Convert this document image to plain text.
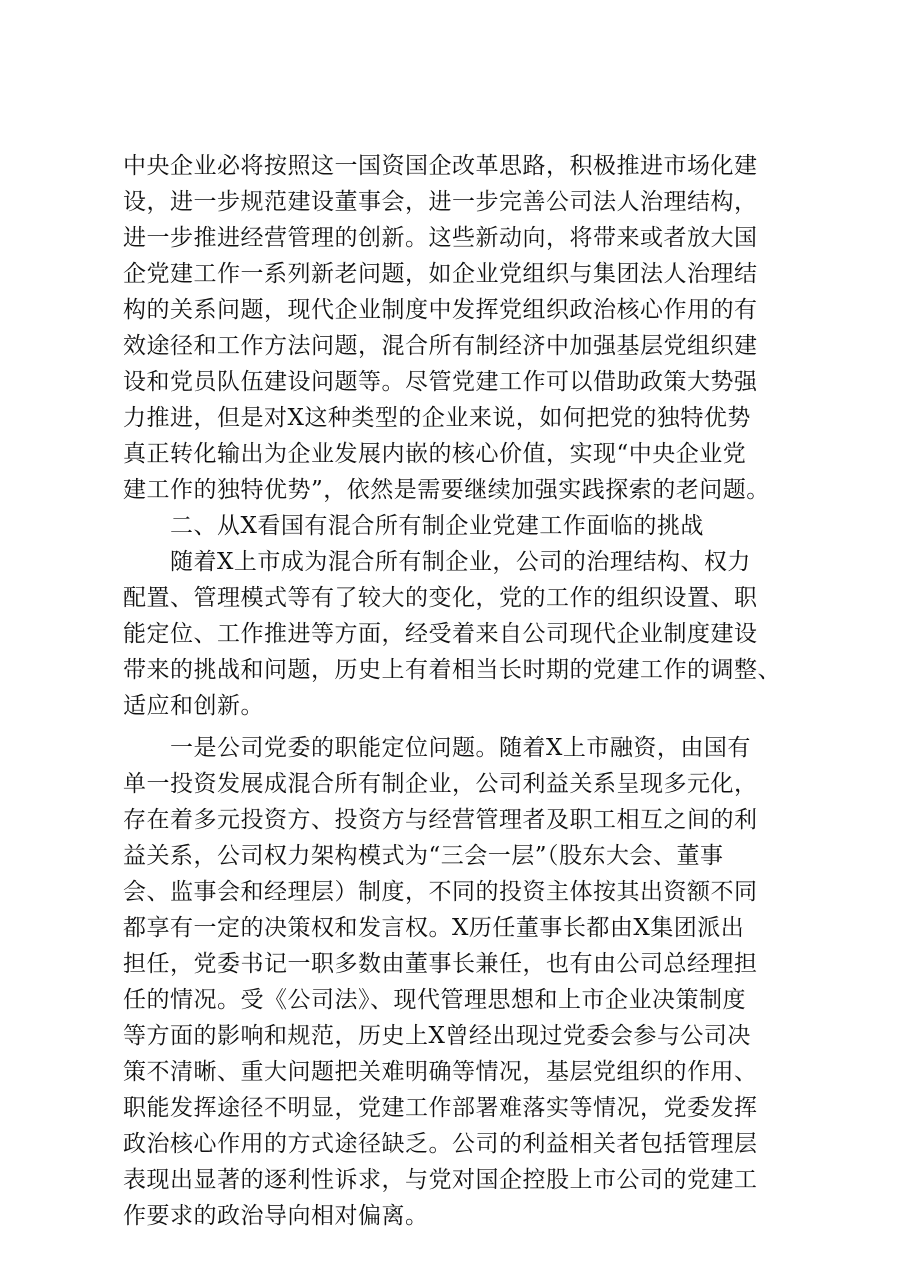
中央企业必将按照这一国资国企改革思路，积极推进市场化建
设，进一步规范建设董事会，进一步完善公司法人治理结构，
进一步推进经营管理的创新。这些新动向，将带来或者放大国
企党建工作一系列新老问题，如企业党组织与集团法人治理结
构的关系问题，现代企业制度中发挥党组织政治核心作用的有
效途径和工作方法问题，混合所有制经济中加强基层党组织建
设和党员队伍建设问题等。尽管党建工作可以借助政策大势强
力推进，但是对X这种类型的企业来说，如何把党的独特优势
真正转化输出为企业发展内嵌的核心价值，实现“中央企业党
建工作的独特优势”，依然是需要继续加强实践探索的老问题。
二、从X看国有混合所有制企业党建工作面临的挑战
随着X上市成为混合所有制企业，公司的治理结构、权力
配置、管理模式等有了较大的变化，党的工作的组织设置、职
能定位、工作推进等方面，经受着来自公司现代企业制度建设
带来的挑战和问题，历史上有着相当长时期的党建工作的调整、
适应和创新。
一是公司党委的职能定位问题。随着X上市融资，由国有
单一投资发展成混合所有制企业，公司利益关系呈现多元化，
存在着多元投资方、投资方与经营管理者及职工相互之间的利
益关系，公司权力架构模式为“三会一层”（股东大会、董事
会、监事会和经理层）制度，不同的投资主体按其出资额不同
都享有一定的决策权和发言权。X历任董事长都由X集团派出
担任，党委书记一职多数由董事长兼任，也有由公司总经理担
任的情况。受《公司法》、现代管理思想和上市企业决策制度
等方面的影响和规范，历史上X曾经出现过党委会参与公司决
策不清晰、重大问题把关难明确等情况，基层党组织的作用、
职能发挥途径不明显，党建工作部署难落实等情况，党委发挥
政治核心作用的方式途径缺乏。公司的利益相关者包括管理层
表现出显著的逐利性诉求，与党对国企控股上市公司的党建工
作要求的政治导向相对偏离。
